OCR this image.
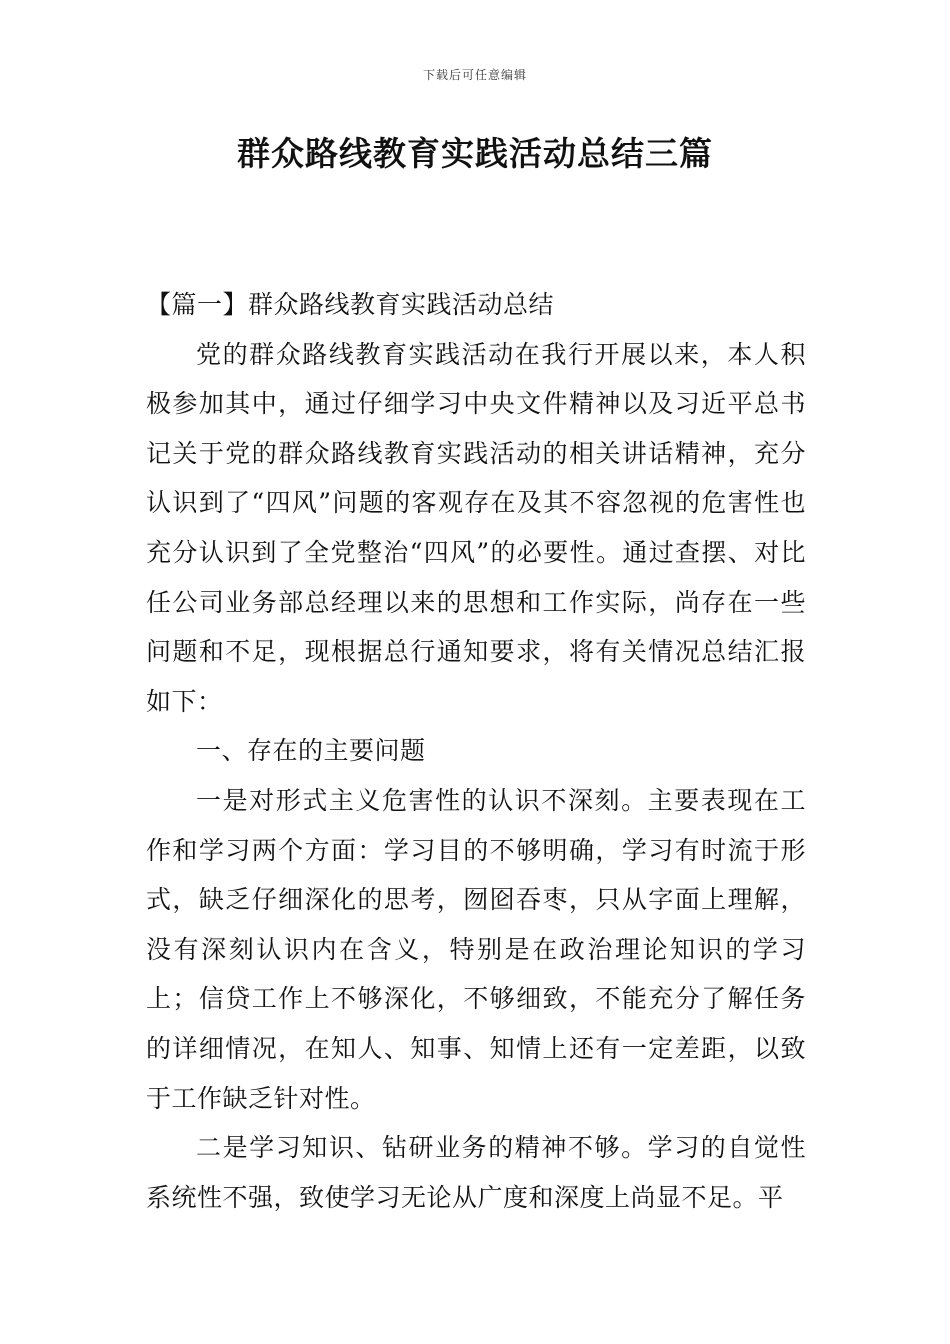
下载后可任意编辑
群众路线教育实践活动总结三篇

【篇一】群众路线教育实践活动总结

党的群众路线教育实践活动在我行开展以来，本人积极参加其中，通过仔细学习中央文件精神以及习近平总书记关于党的群众路线教育实践活动的相关讲话精神，充分认识到了“四风”问题的客观存在及其不容忽视的危害性也充分认识到了全党整治“四风”的必要性。通过查摆、对比任公司业务部总经理以来的思想和工作实际，尚存在一些问题和不足，现根据总行通知要求，将有关情况总结汇报如下：

一、存在的主要问题

一是对形式主义危害性的认识不深刻。主要表现在工作和学习两个方面：学习目的不够明确，学习有时流于形式，缺乏仔细深化的思考，囫囵吞枣，只从字面上理解，没有深刻认识内在含义，特别是在政治理论知识的学习上；信贷工作上不够深化，不够细致，不能充分了解任务的详细情况，在知人、知事、知情上还有一定差距，以致于工作缺乏针对性。

二是学习知识、钻研业务的精神不够。学习的自觉性系统性不强，致使学习无论从广度和深度上尚显不足。平
